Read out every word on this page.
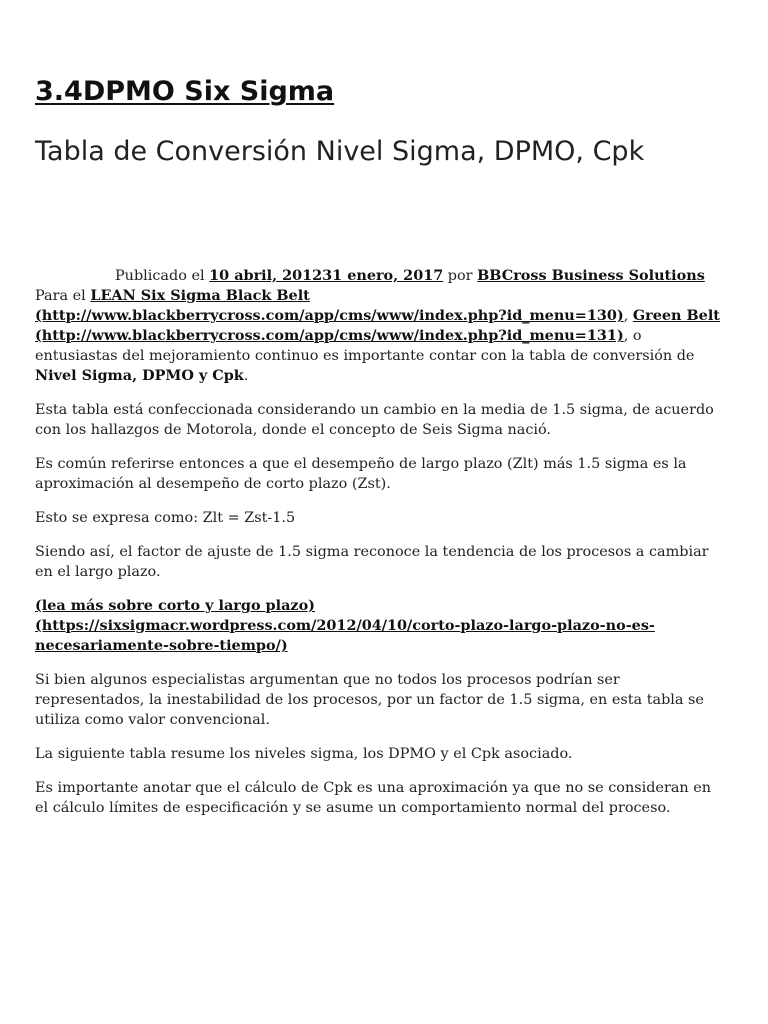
3.4DPMO Six Sigma
Tabla de Conversión Nivel Sigma, DPMO, Cpk

Publicado el 10 abril, 201231 enero, 2017 por BBCross Business Solutions

Para el LEAN Six Sigma Black Belt (http://www.blackberrycross.com/app/cms/www/index.php?id_menu=130), Green Belt (http://www.blackberrycross.com/app/cms/www/index.php?id_menu=131), o entusiastas del mejoramiento continuo es importante contar con la tabla de conversión de Nivel Sigma, DPMO y Cpk.

Esta tabla está confeccionada considerando un cambio en la media de 1.5 sigma, de acuerdo con los hallazgos de Motorola, donde el concepto de Seis Sigma nació.

Es común referirse entonces a que el desempeño de largo plazo (Zlt) más 1.5 sigma es la aproximación al desempeño de corto plazo (Zst).

Esto se expresa como: Zlt = Zst-1.5

Siendo así, el factor de ajuste de 1.5 sigma reconoce la tendencia de los procesos a cambiar en el largo plazo.

(lea más sobre corto y largo plazo) (https://sixsigmacr.wordpress.com/2012/04/10/corto-plazo-largo-plazo-no-es-necesariamente-sobre-tiempo/)

Si bien algunos especialistas argumentan que no todos los procesos podrían ser representados, la inestabilidad de los procesos, por un factor de 1.5 sigma, en esta tabla se utiliza como valor convencional.

La siguiente tabla resume los niveles sigma, los DPMO y el Cpk asociado.

Es importante anotar que el cálculo de Cpk es una aproximación ya que no se consideran en el cálculo límites de especificación y se asume un comportamiento normal del proceso.
